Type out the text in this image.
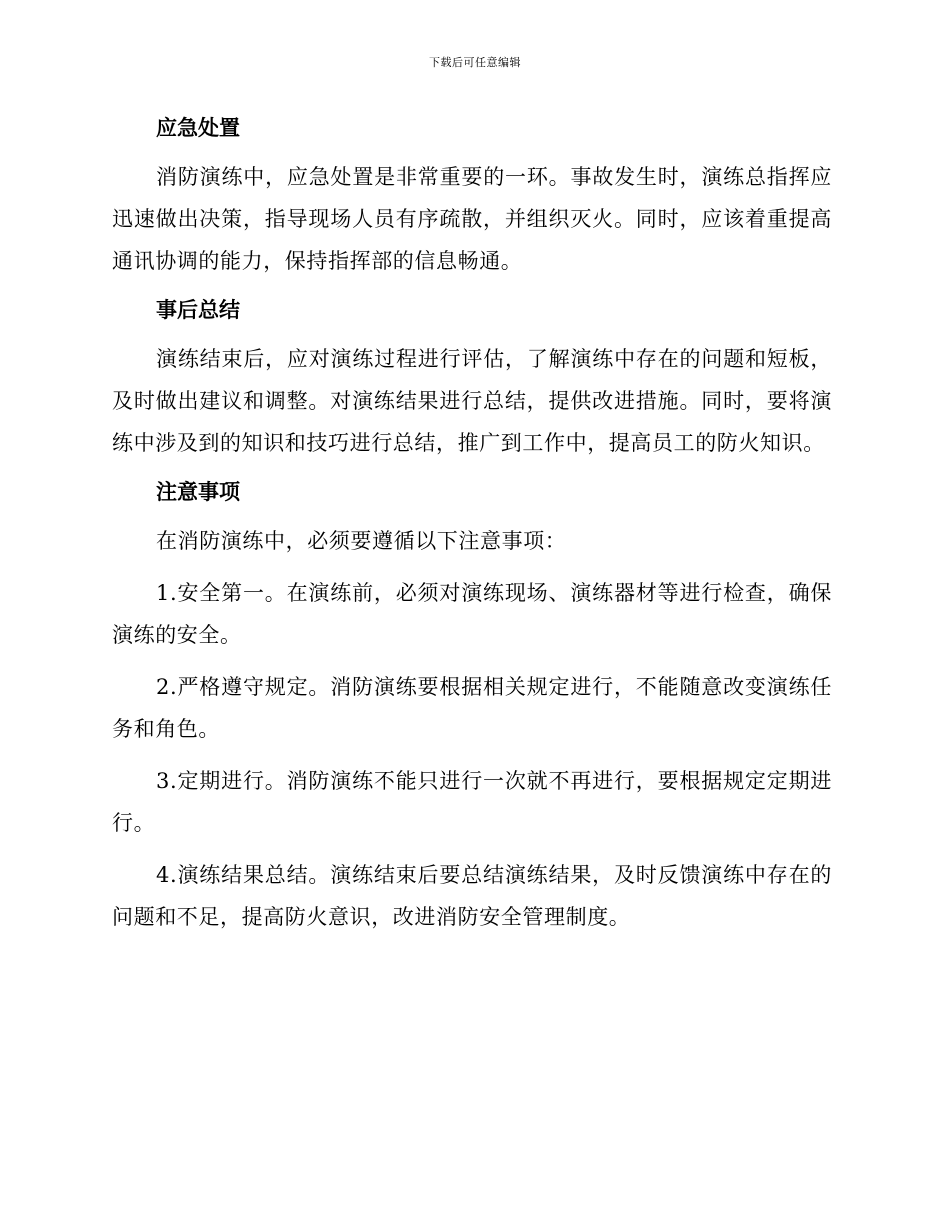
下载后可任意编辑
应急处置

消防演练中，应急处置是非常重要的一环。事故发生时，演练总指挥应迅速做出决策，指导现场人员有序疏散，并组织灭火。同时，应该着重提高通讯协调的能力，保持指挥部的信息畅通。

事后总结

演练结束后，应对演练过程进行评估，了解演练中存在的问题和短板，及时做出建议和调整。对演练结果进行总结，提供改进措施。同时，要将演练中涉及到的知识和技巧进行总结，推广到工作中，提高员工的防火知识。

注意事项

在消防演练中，必须要遵循以下注意事项：

1.安全第一。在演练前，必须对演练现场、演练器材等进行检查，确保演练的安全。

2.严格遵守规定。消防演练要根据相关规定进行，不能随意改变演练任务和角色。

3.定期进行。消防演练不能只进行一次就不再进行，要根据规定定期进行。

4.演练结果总结。演练结束后要总结演练结果，及时反馈演练中存在的问题和不足，提高防火意识，改进消防安全管理制度。
